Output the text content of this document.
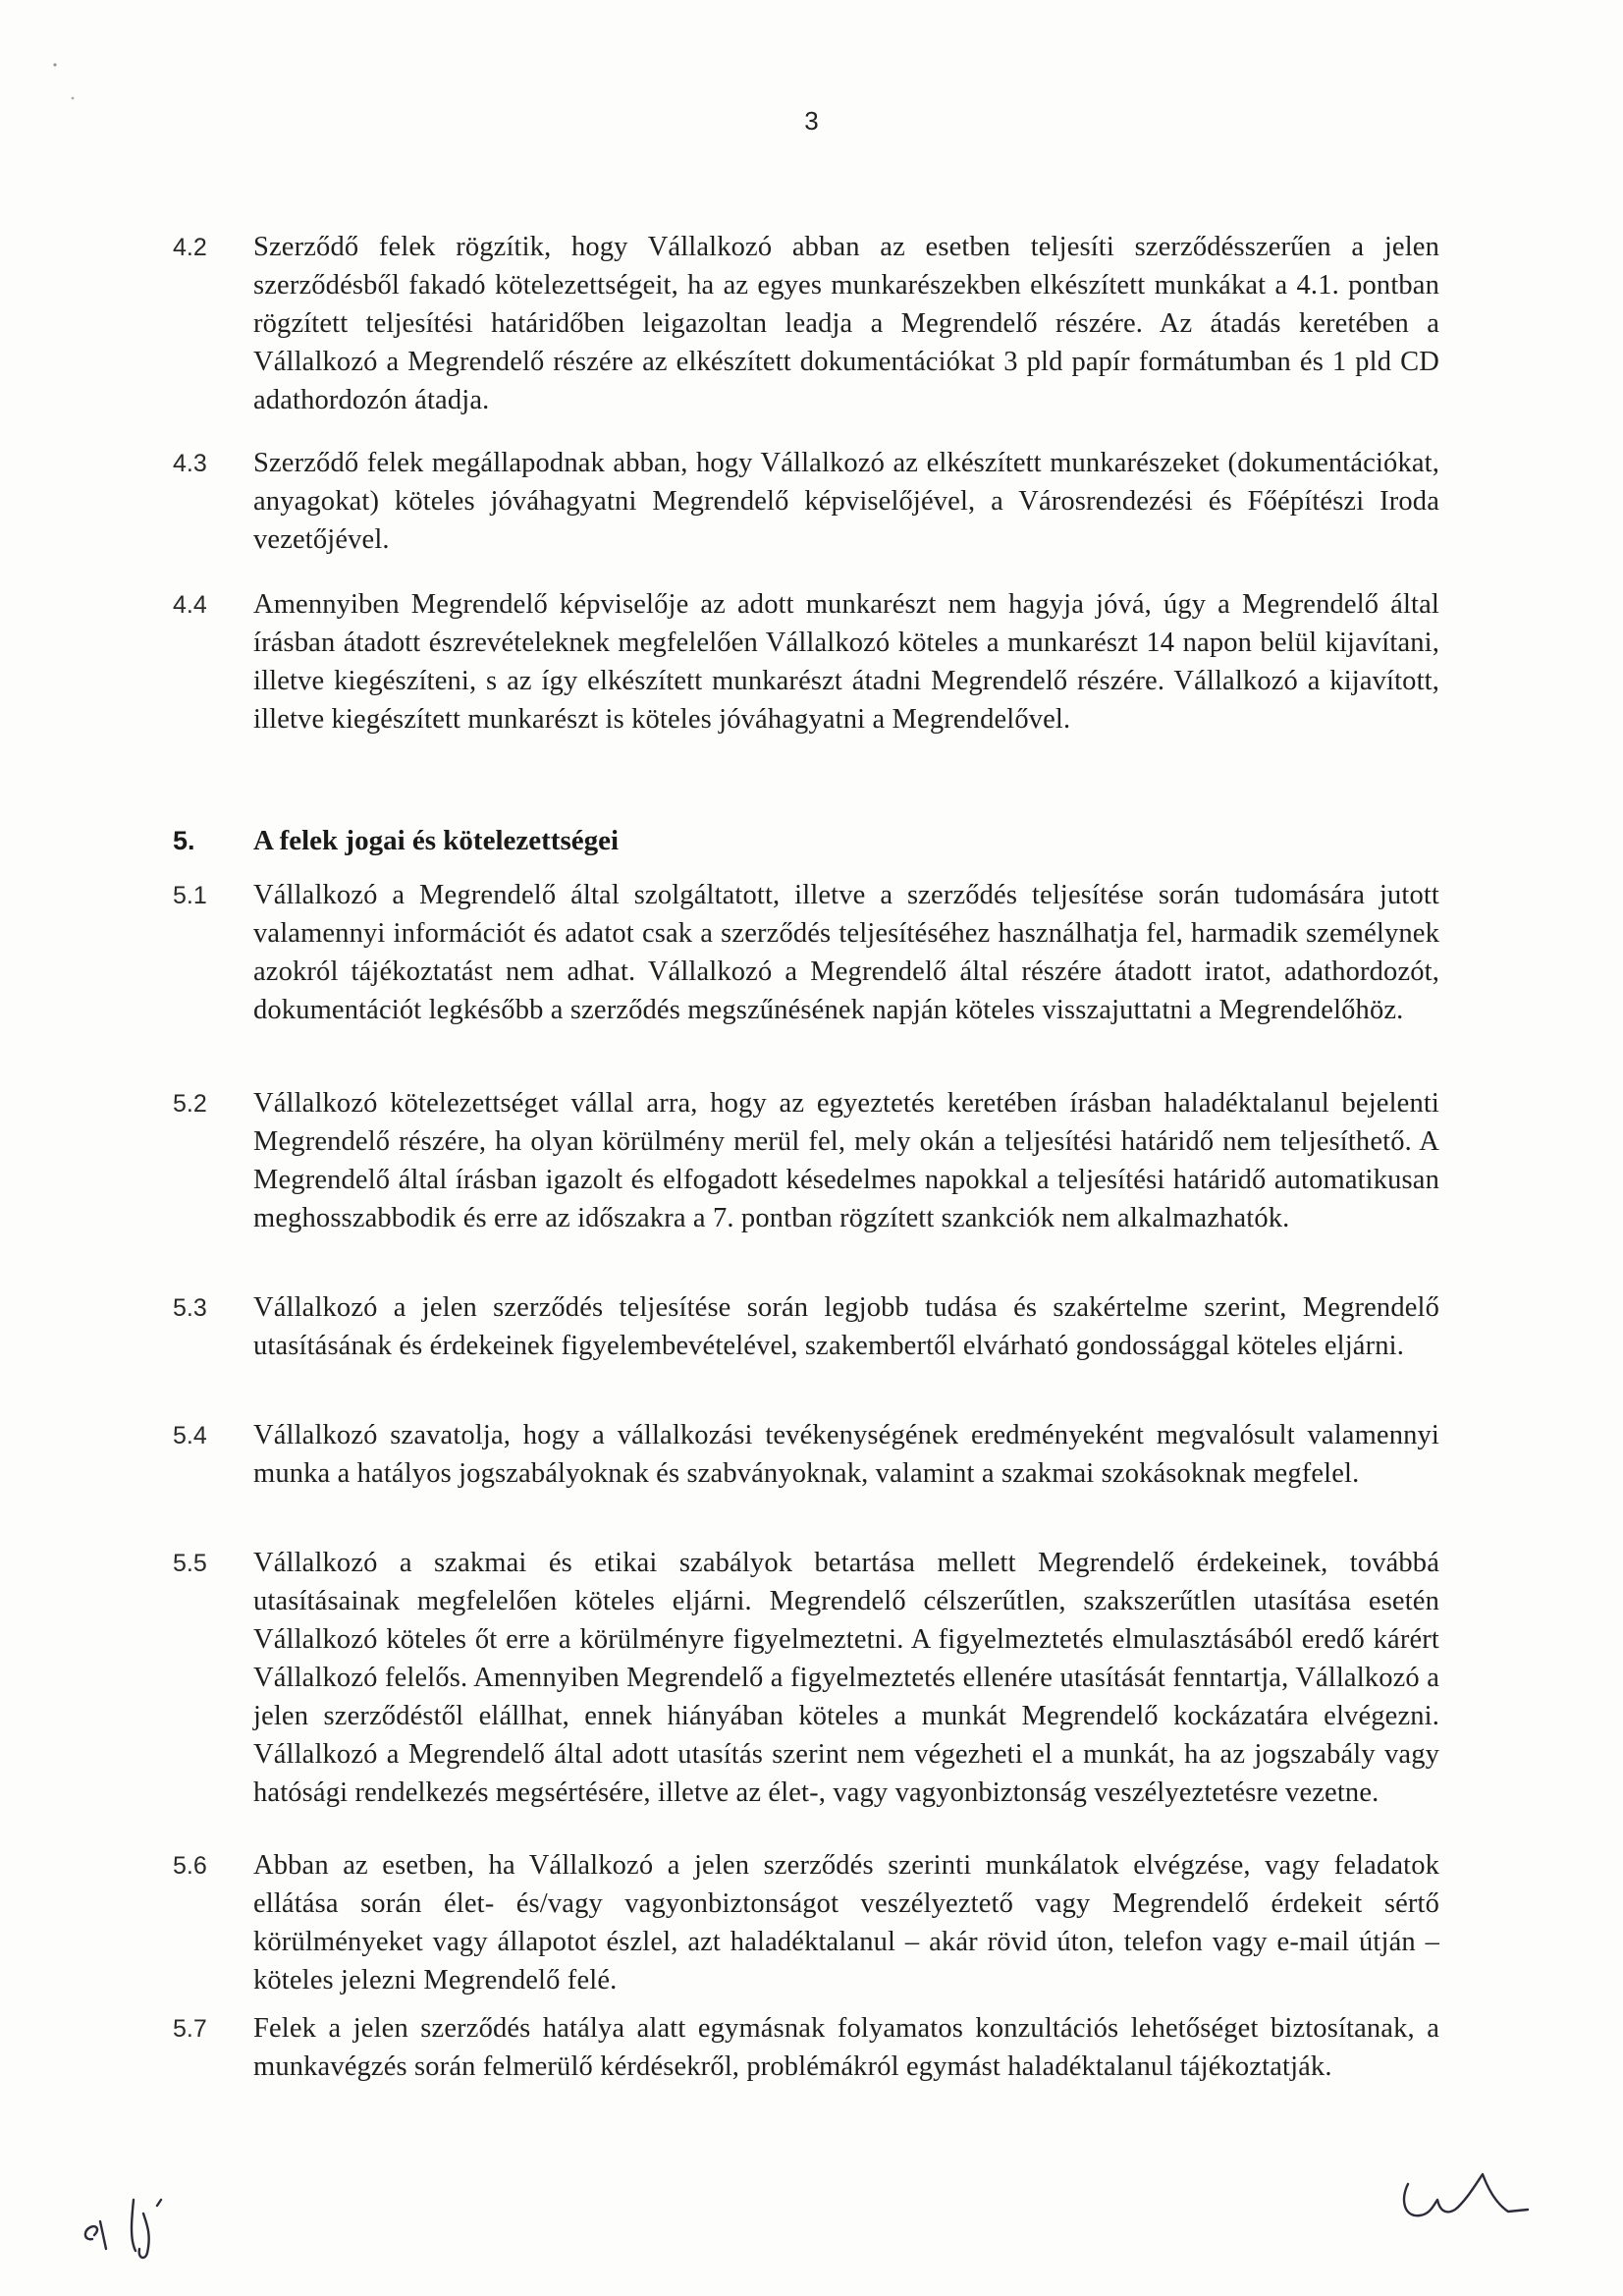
3
4.2	Szerződő felek rögzítik, hogy Vállalkozó abban az esetben teljesíti szerződésszerűen a jelen szerződésből fakadó kötelezettségeit, ha az egyes munkarészekben elkészített munkákat a 4.1. pontban rögzített teljesítési határidőben leigazoltan leadja a Megrendelő részére. Az átadás keretében a Vállalkozó a Megrendelő részére az elkészített dokumentációkat 3 pld papír formátumban és 1 pld CD adathordozón átadja.
4.3	Szerződő felek megállapodnak abban, hogy Vállalkozó az elkészített munkarészeket (dokumentációkat, anyagokat) köteles jóváhagyatni Megrendelő képviselőjével, a Városrendezési és Főépítészi Iroda vezetőjével.
4.4	Amennyiben Megrendelő képviselője az adott munkarészt nem hagyja jóvá, úgy a Megrendelő által írásban átadott észrevételeknek megfelelően Vállalkozó köteles a munkarészt 14 napon belül kijavítani, illetve kiegészíteni, s az így elkészített munkarészt átadni Megrendelő részére. Vállalkozó a kijavított, illetve kiegészített munkarészt is köteles jóváhagyatni a Megrendelővel.
5. A felek jogai és kötelezettségei
5.1	Vállalkozó a Megrendelő által szolgáltatott, illetve a szerződés teljesítése során tudomására jutott valamennyi információt és adatot csak a szerződés teljesítéséhez használhatja fel, harmadik személynek azokról tájékoztatást nem adhat. Vállalkozó a Megrendelő által részére átadott iratot, adathordozót, dokumentációt legkésőbb a szerződés megszűnésének napján köteles visszajuttatni a Megrendelőhöz.
5.2	Vállalkozó kötelezettséget vállal arra, hogy az egyeztetés keretében írásban haladéktalanul bejelenti Megrendelő részére, ha olyan körülmény merül fel, mely okán a teljesítési határidő nem teljesíthető. A Megrendelő által írásban igazolt és elfogadott késedelmes napokkal a teljesítési határidő automatikusan meghosszabbodik és erre az időszakra a 7. pontban rögzített szankciók nem alkalmazhatók.
5.3	Vállalkozó a jelen szerződés teljesítése során legjobb tudása és szakértelme szerint, Megrendelő utasításának és érdekeinek figyelembevételével, szakembertől elvárható gondossággal köteles eljárni.
5.4	Vállalkozó szavatolja, hogy a vállalkozási tevékenységének eredményeként megvalósult valamennyi munka a hatályos jogszabályoknak és szabványoknak, valamint a szakmai szokásoknak megfelel.
5.5	Vállalkozó a szakmai és etikai szabályok betartása mellett Megrendelő érdekeinek, továbbá utasításainak megfelelően köteles eljárni. Megrendelő célszerűtlen, szakszerűtlen utasítása esetén Vállalkozó köteles őt erre a körülményre figyelmeztetni. A figyelmeztetés elmulasztásából eredő kárért Vállalkozó felelős. Amennyiben Megrendelő a figyelmeztetés ellenére utasítását fenntartja, Vállalkozó a jelen szerződéstől elállhat, ennek hiányában köteles a munkát Megrendelő kockázatára elvégezni. Vállalkozó a Megrendelő által adott utasítás szerint nem végezheti el a munkát, ha az jogszabály vagy hatósági rendelkezés megsértésére, illetve az élet-, vagy vagyonbiztonság veszélyeztetésre vezetne.
5.6	Abban az esetben, ha Vállalkozó a jelen szerződés szerinti munkálatok elvégzése, vagy feladatok ellátása során élet- és/vagy vagyonbiztonságot veszélyeztető vagy Megrendelő érdekeit sértő körülményeket vagy állapotot észlel, azt haladéktalanul – akár rövid úton, telefon vagy e-mail útján – köteles jelezni Megrendelő felé.
5.7	Felek a jelen szerződés hatálya alatt egymásnak folyamatos konzultációs lehetőséget biztosítanak, a munkavégzés során felmerülő kérdésekről, problémákról egymást haladéktalanul tájékoztatják.
